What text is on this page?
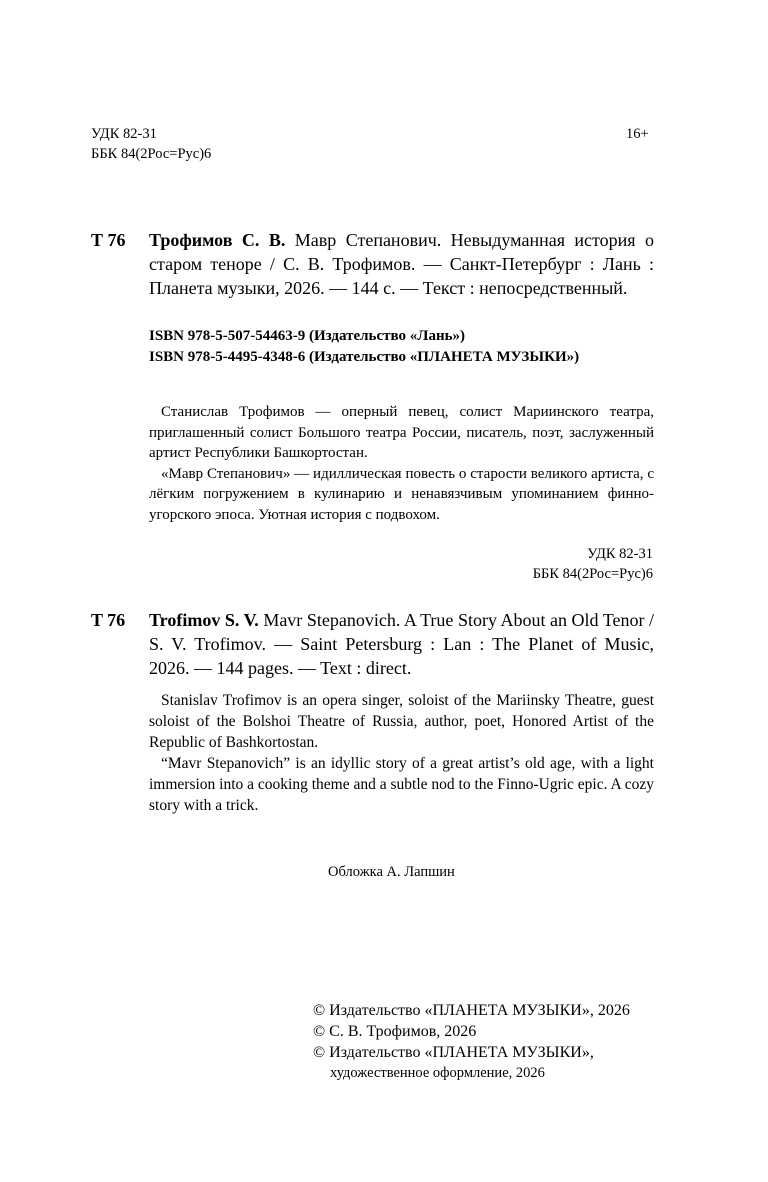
УДК 82-31
ББК 84(2Рос=Рус)6
16+
Т 76 Трофимов С. В. Мавр Степанович. Невыдуманная история о старом теноре / С. В. Трофимов. — Санкт-Петербург : Лань : Планета музыки, 2026. — 144 с. — Текст : непосредственный.
ISBN 978-5-507-54463-9 (Издательство «Лань»)
ISBN 978-5-4495-4348-6 (Издательство «ПЛАНЕТА МУЗЫКИ»)

Станислав Трофимов — оперный певец, солист Мариинского театра, приглашенный солист Большого театра России, писатель, поэт, заслуженный артист Республики Башкортостан.

«Мавр Степанович» — идиллическая повесть о старости великого артиста, с лёгким погружением в кулинарию и ненавязчивым упоминанием финно-угорского эпоса. Уютная история с подвохом.

УДК 82-31
ББК 84(2Рос=Рус)6
T 76 Trofimov S. V. Mavr Stepanovich. A True Story About an Old Tenor / S. V. Trofimov. — Saint Petersburg : Lan : The Planet of Music, 2026. — 144 pages. — Text : direct.

Stanislav Trofimov is an opera singer, soloist of the Mariinsky Theatre, guest soloist of the Bolshoi Theatre of Russia, author, poet, Honored Artist of the Republic of Bashkortostan.

“Mavr Stepanovich” is an idyllic story of a great artist’s old age, with a light immersion into a cooking theme and a subtle nod to the Finno-Ugric epic. A cozy story with a trick.

Обложка А. Лапшин
© Издательство «ПЛАНЕТА МУЗЫКИ», 2026
© С. В. Трофимов, 2026
© Издательство «ПЛАНЕТА МУЗЫКИ»,
художественное оформление, 2026
